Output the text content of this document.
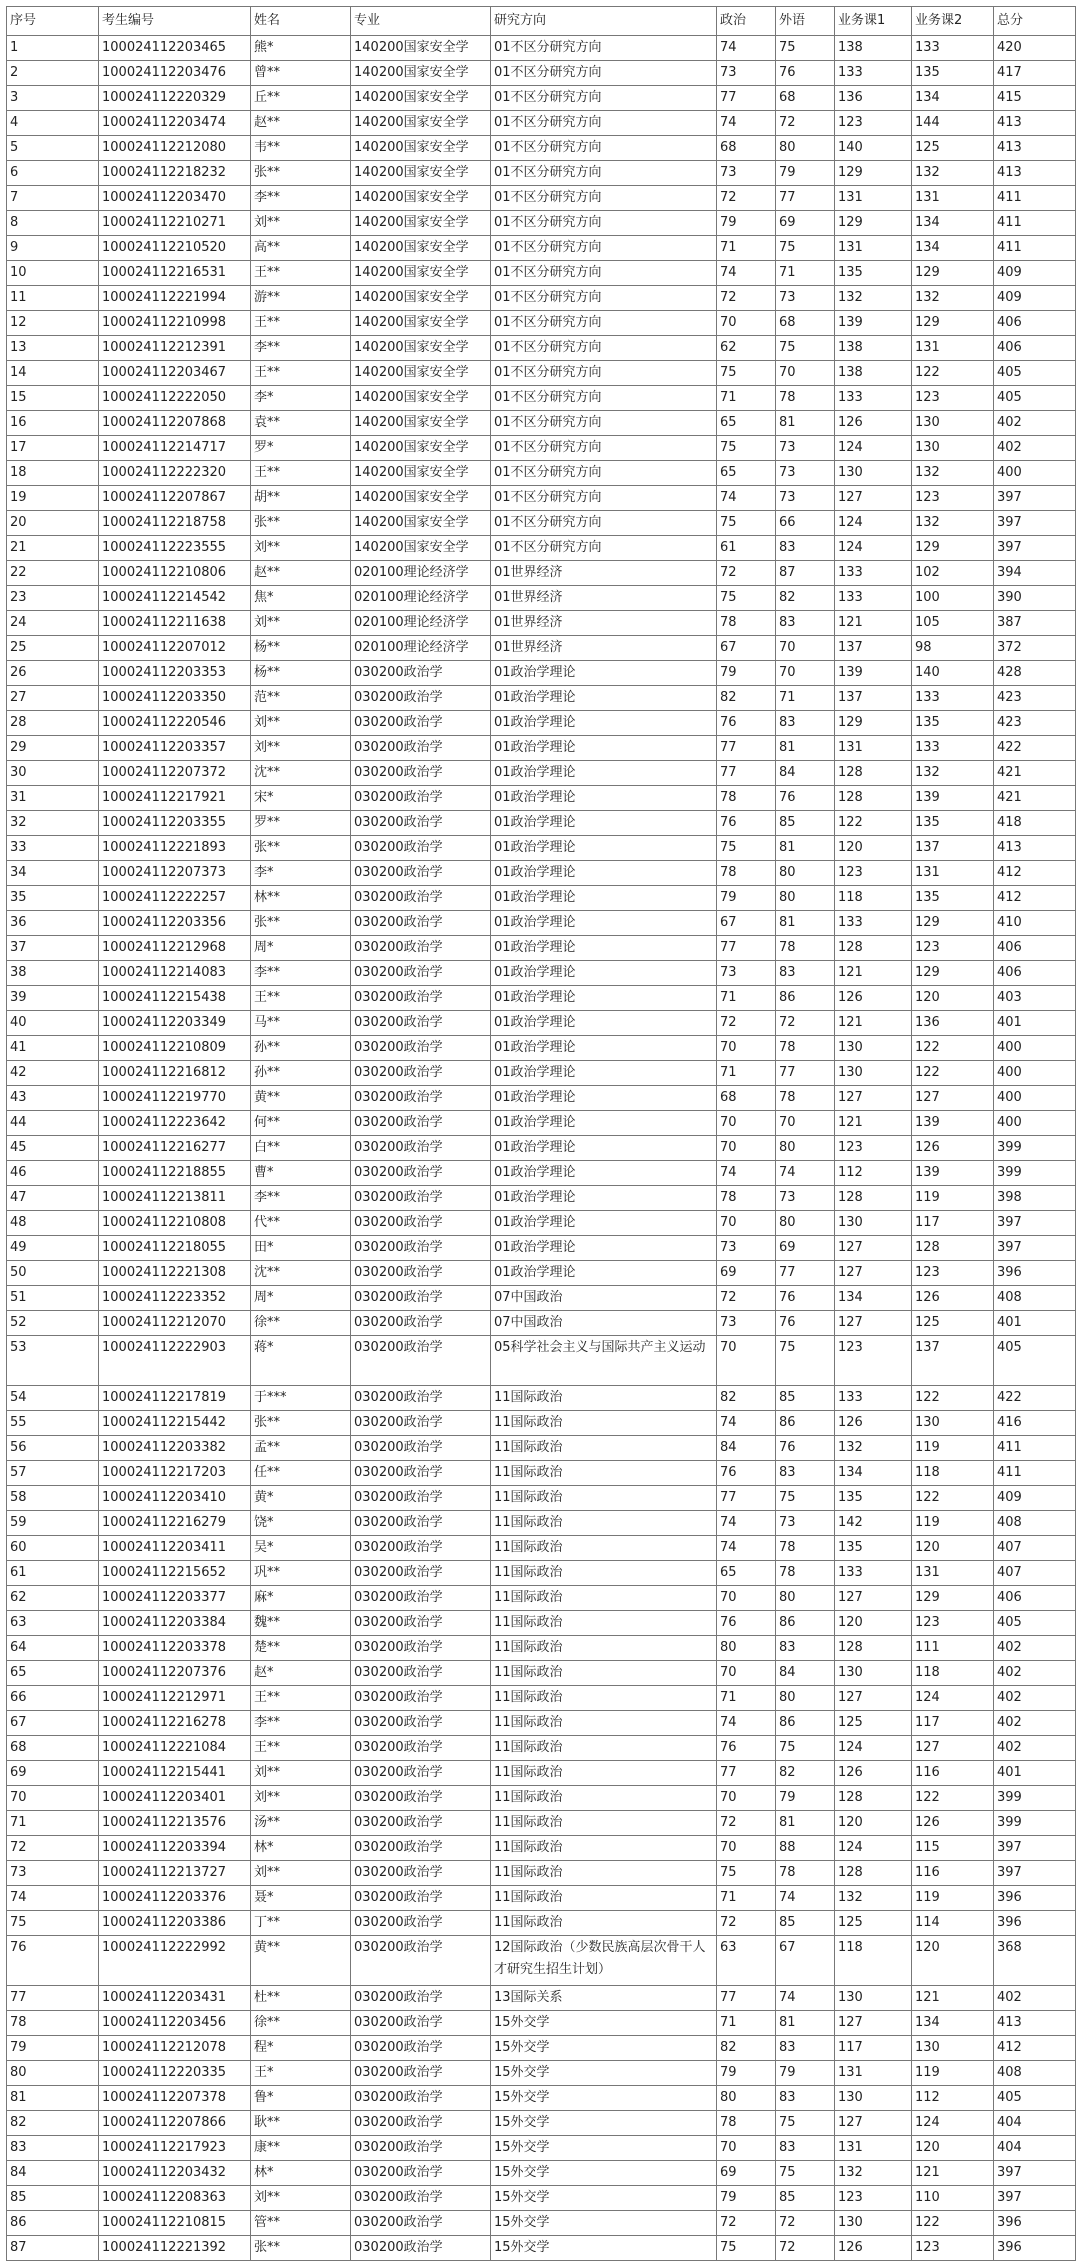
序号	考生编号	姓名	专业	研究方向	政治	外语	业务课1	业务课2	总分
1	100024112203465	熊*	140200国家安全学	01不区分研究方向	74	75	138	133	420
2	100024112203476	曾**	140200国家安全学	01不区分研究方向	73	76	133	135	417
3	100024112220329	丘**	140200国家安全学	01不区分研究方向	77	68	136	134	415
4	100024112203474	赵**	140200国家安全学	01不区分研究方向	74	72	123	144	413
5	100024112212080	韦**	140200国家安全学	01不区分研究方向	68	80	140	125	413
6	100024112218232	张**	140200国家安全学	01不区分研究方向	73	79	129	132	413
7	100024112203470	李**	140200国家安全学	01不区分研究方向	72	77	131	131	411
8	100024112210271	刘**	140200国家安全学	01不区分研究方向	79	69	129	134	411
9	100024112210520	高**	140200国家安全学	01不区分研究方向	71	75	131	134	411
10	100024112216531	王**	140200国家安全学	01不区分研究方向	74	71	135	129	409
11	100024112221994	游**	140200国家安全学	01不区分研究方向	72	73	132	132	409
12	100024112210998	王**	140200国家安全学	01不区分研究方向	70	68	139	129	406
13	100024112212391	李**	140200国家安全学	01不区分研究方向	62	75	138	131	406
14	100024112203467	王**	140200国家安全学	01不区分研究方向	75	70	138	122	405
15	100024112222050	李*	140200国家安全学	01不区分研究方向	71	78	133	123	405
16	100024112207868	袁**	140200国家安全学	01不区分研究方向	65	81	126	130	402
17	100024112214717	罗*	140200国家安全学	01不区分研究方向	75	73	124	130	402
18	100024112222320	王**	140200国家安全学	01不区分研究方向	65	73	130	132	400
19	100024112207867	胡**	140200国家安全学	01不区分研究方向	74	73	127	123	397
20	100024112218758	张**	140200国家安全学	01不区分研究方向	75	66	124	132	397
21	100024112223555	刘**	140200国家安全学	01不区分研究方向	61	83	124	129	397
22	100024112210806	赵**	020100理论经济学	01世界经济	72	87	133	102	394
23	100024112214542	焦*	020100理论经济学	01世界经济	75	82	133	100	390
24	100024112211638	刘**	020100理论经济学	01世界经济	78	83	121	105	387
25	100024112207012	杨**	020100理论经济学	01世界经济	67	70	137	98	372
26	100024112203353	杨**	030200政治学	01政治学理论	79	70	139	140	428
27	100024112203350	范**	030200政治学	01政治学理论	82	71	137	133	423
28	100024112220546	刘**	030200政治学	01政治学理论	76	83	129	135	423
29	100024112203357	刘**	030200政治学	01政治学理论	77	81	131	133	422
30	100024112207372	沈**	030200政治学	01政治学理论	77	84	128	132	421
31	100024112217921	宋*	030200政治学	01政治学理论	78	76	128	139	421
32	100024112203355	罗**	030200政治学	01政治学理论	76	85	122	135	418
33	100024112221893	张**	030200政治学	01政治学理论	75	81	120	137	413
34	100024112207373	李*	030200政治学	01政治学理论	78	80	123	131	412
35	100024112222257	林**	030200政治学	01政治学理论	79	80	118	135	412
36	100024112203356	张**	030200政治学	01政治学理论	67	81	133	129	410
37	100024112212968	周*	030200政治学	01政治学理论	77	78	128	123	406
38	100024112214083	李**	030200政治学	01政治学理论	73	83	121	129	406
39	100024112215438	王**	030200政治学	01政治学理论	71	86	126	120	403
40	100024112203349	马**	030200政治学	01政治学理论	72	72	121	136	401
41	100024112210809	孙**	030200政治学	01政治学理论	70	78	130	122	400
42	100024112216812	孙**	030200政治学	01政治学理论	71	77	130	122	400
43	100024112219770	黄**	030200政治学	01政治学理论	68	78	127	127	400
44	100024112223642	何**	030200政治学	01政治学理论	70	70	121	139	400
45	100024112216277	白**	030200政治学	01政治学理论	70	80	123	126	399
46	100024112218855	曹*	030200政治学	01政治学理论	74	74	112	139	399
47	100024112213811	李**	030200政治学	01政治学理论	78	73	128	119	398
48	100024112210808	代**	030200政治学	01政治学理论	70	80	130	117	397
49	100024112218055	田*	030200政治学	01政治学理论	73	69	127	128	397
50	100024112221308	沈**	030200政治学	01政治学理论	69	77	127	123	396
51	100024112223352	周*	030200政治学	07中国政治	72	76	134	126	408
52	100024112212070	徐**	030200政治学	07中国政治	73	76	127	125	401
53	100024112222903	蒋*	030200政治学	05科学社会主义与国际共产主义运动	70	75	123	137	405
54	100024112217819	于***	030200政治学	11国际政治	82	85	133	122	422
55	100024112215442	张**	030200政治学	11国际政治	74	86	126	130	416
56	100024112203382	孟**	030200政治学	11国际政治	84	76	132	119	411
57	100024112217203	任**	030200政治学	11国际政治	76	83	134	118	411
58	100024112203410	黄*	030200政治学	11国际政治	77	75	135	122	409
59	100024112216279	饶*	030200政治学	11国际政治	74	73	142	119	408
60	100024112203411	吴*	030200政治学	11国际政治	74	78	135	120	407
61	100024112215652	巩**	030200政治学	11国际政治	65	78	133	131	407
62	100024112203377	麻*	030200政治学	11国际政治	70	80	127	129	406
63	100024112203384	魏**	030200政治学	11国际政治	76	86	120	123	405
64	100024112203378	楚**	030200政治学	11国际政治	80	83	128	111	402
65	100024112207376	赵*	030200政治学	11国际政治	70	84	130	118	402
66	100024112212971	王**	030200政治学	11国际政治	71	80	127	124	402
67	100024112216278	李**	030200政治学	11国际政治	74	86	125	117	402
68	100024112221084	王**	030200政治学	11国际政治	76	75	124	127	402
69	100024112215441	刘**	030200政治学	11国际政治	77	82	126	116	401
70	100024112203401	刘**	030200政治学	11国际政治	70	79	128	122	399
71	100024112213576	汤**	030200政治学	11国际政治	72	81	120	126	399
72	100024112203394	林*	030200政治学	11国际政治	70	88	124	115	397
73	100024112213727	刘**	030200政治学	11国际政治	75	78	128	116	397
74	100024112203376	聂*	030200政治学	11国际政治	71	74	132	119	396
75	100024112203386	丁**	030200政治学	11国际政治	72	85	125	114	396
76	100024112222992	黄**	030200政治学	12国际政治（少数民族高层次骨干人才研究生招生计划）	63	67	118	120	368
77	100024112203431	杜**	030200政治学	13国际关系	77	74	130	121	402
78	100024112203456	徐**	030200政治学	15外交学	71	81	127	134	413
79	100024112212078	程*	030200政治学	15外交学	82	83	117	130	412
80	100024112220335	王*	030200政治学	15外交学	79	79	131	119	408
81	100024112207378	鲁*	030200政治学	15外交学	80	83	130	112	405
82	100024112207866	耿**	030200政治学	15外交学	78	75	127	124	404
83	100024112217923	康**	030200政治学	15外交学	70	83	131	120	404
84	100024112203432	林*	030200政治学	15外交学	69	75	132	121	397
85	100024112208363	刘**	030200政治学	15外交学	79	85	123	110	397
86	100024112210815	管**	030200政治学	15外交学	72	72	130	122	396
87	100024112221392	张**	030200政治学	15外交学	75	72	126	123	396
